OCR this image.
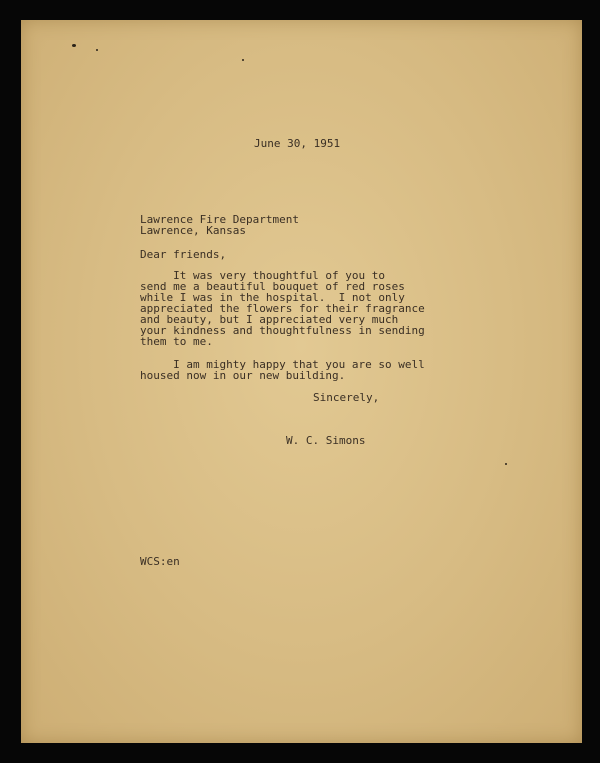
June 30, 1951
Lawrence Fire Department
Lawrence, Kansas
Dear friends,
It was very thoughtful of you to
send me a beautiful bouquet of red roses
while I was in the hospital.  I not only
appreciated the flowers for their fragrance
and beauty, but I appreciated very much
your kindness and thoughtfulness in sending
them to me.
I am mighty happy that you are so well
housed now in our new building.
Sincerely,
W. C. Simons
WCS:en
